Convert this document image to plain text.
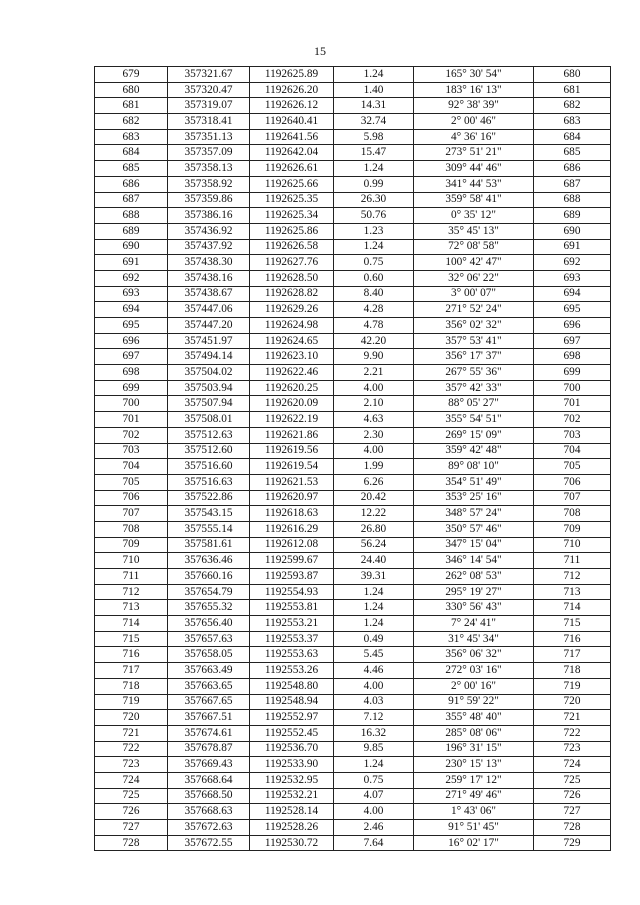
15
679	357321.67	1192625.89	1.24	165° 30' 54"	680
680	357320.47	1192626.20	1.40	183° 16' 13"	681
681	357319.07	1192626.12	14.31	92° 38' 39"	682
682	357318.41	1192640.41	32.74	2° 00' 46"	683
683	357351.13	1192641.56	5.98	4° 36' 16"	684
684	357357.09	1192642.04	15.47	273° 51' 21"	685
685	357358.13	1192626.61	1.24	309° 44' 46"	686
686	357358.92	1192625.66	0.99	341° 44' 53"	687
687	357359.86	1192625.35	26.30	359° 58' 41"	688
688	357386.16	1192625.34	50.76	0° 35' 12"	689
689	357436.92	1192625.86	1.23	35° 45' 13"	690
690	357437.92	1192626.58	1.24	72° 08' 58"	691
691	357438.30	1192627.76	0.75	100° 42' 47"	692
692	357438.16	1192628.50	0.60	32° 06' 22"	693
693	357438.67	1192628.82	8.40	3° 00' 07"	694
694	357447.06	1192629.26	4.28	271° 52' 24"	695
695	357447.20	1192624.98	4.78	356° 02' 32"	696
696	357451.97	1192624.65	42.20	357° 53' 41"	697
697	357494.14	1192623.10	9.90	356° 17' 37"	698
698	357504.02	1192622.46	2.21	267° 55' 36"	699
699	357503.94	1192620.25	4.00	357° 42' 33"	700
700	357507.94	1192620.09	2.10	88° 05' 27"	701
701	357508.01	1192622.19	4.63	355° 54' 51"	702
702	357512.63	1192621.86	2.30	269° 15' 09"	703
703	357512.60	1192619.56	4.00	359° 42' 48"	704
704	357516.60	1192619.54	1.99	89° 08' 10"	705
705	357516.63	1192621.53	6.26	354° 51' 49"	706
706	357522.86	1192620.97	20.42	353° 25' 16"	707
707	357543.15	1192618.63	12.22	348° 57' 24"	708
708	357555.14	1192616.29	26.80	350° 57' 46"	709
709	357581.61	1192612.08	56.24	347° 15' 04"	710
710	357636.46	1192599.67	24.40	346° 14' 54"	711
711	357660.16	1192593.87	39.31	262° 08' 53"	712
712	357654.79	1192554.93	1.24	295° 19' 27"	713
713	357655.32	1192553.81	1.24	330° 56' 43"	714
714	357656.40	1192553.21	1.24	7° 24' 41"	715
715	357657.63	1192553.37	0.49	31° 45' 34"	716
716	357658.05	1192553.63	5.45	356° 06' 32"	717
717	357663.49	1192553.26	4.46	272° 03' 16"	718
718	357663.65	1192548.80	4.00	2° 00' 16"	719
719	357667.65	1192548.94	4.03	91° 59' 22"	720
720	357667.51	1192552.97	7.12	355° 48' 40"	721
721	357674.61	1192552.45	16.32	285° 08' 06"	722
722	357678.87	1192536.70	9.85	196° 31' 15"	723
723	357669.43	1192533.90	1.24	230° 15' 13"	724
724	357668.64	1192532.95	0.75	259° 17' 12"	725
725	357668.50	1192532.21	4.07	271° 49' 46"	726
726	357668.63	1192528.14	4.00	1° 43' 06"	727
727	357672.63	1192528.26	2.46	91° 51' 45"	728
728	357672.55	1192530.72	7.64	16° 02' 17"	729
